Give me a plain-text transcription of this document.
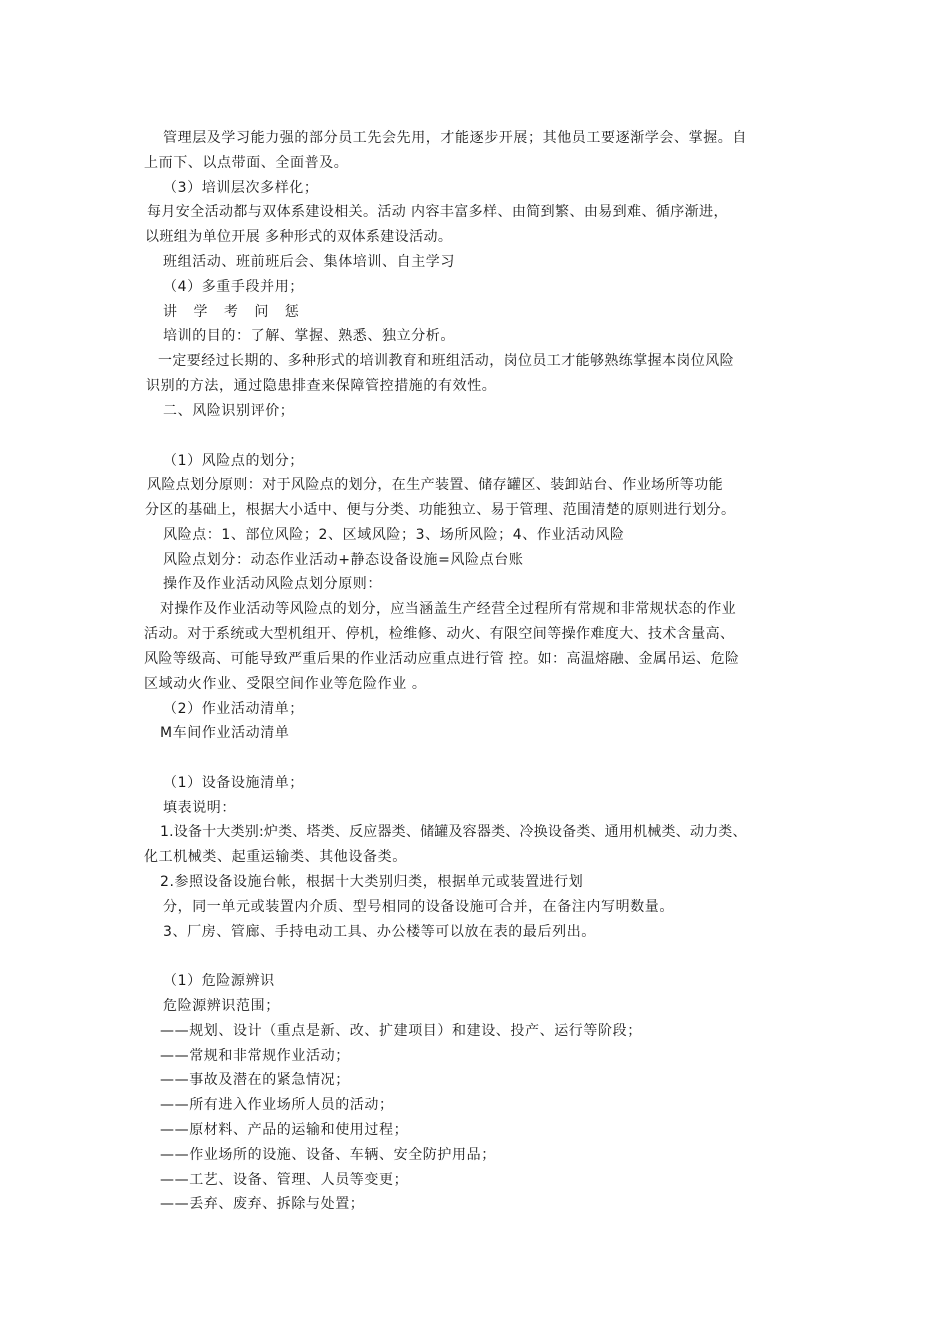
管理层及学习能力强的部分员工先会先用，才能逐步开展；其他员工要逐渐学会、掌握。自
上而下、以点带面、全面普及。
（3）培训层次多样化；
每月安全活动都与双体系建设相关。活动 内容丰富多样、由简到繁、由易到难、循序渐进，
以班组为单位开展 多种形式的双体系建设活动。
班组活动、班前班后会、集体培训、自主学习
（4）多重手段并用；
讲 学 考 问 惩
培训的目的：了解、掌握、熟悉、独立分析。
一定要经过长期的、多种形式的培训教育和班组活动，岗位员工才能够熟练掌握本岗位风险
识别的方法，通过隐患排查来保障管控措施的有效性。
二、风险识别评价；
（1）风险点的划分；
风险点划分原则：对于风险点的划分，在生产装置、储存罐区、装卸站台、作业场所等功能
分区的基础上，根据大小适中、便与分类、功能独立、易于管理、范围清楚的原则进行划分。
风险点：1、部位风险；2、区域风险；3、场所风险；4、作业活动风险
风险点划分：动态作业活动+静态设备设施=风险点台账
操作及作业活动风险点划分原则：
对操作及作业活动等风险点的划分，应当涵盖生产经营全过程所有常规和非常规状态的作业
活动。对于系统或大型机组开、停机，检维修、动火、有限空间等操作难度大、技术含量高、
风险等级高、可能导致严重后果的作业活动应重点进行管 控。如：高温熔融、金属吊运、危险
区域动火作业、受限空间作业等危险作业 。
（2）作业活动清单；
M车间作业活动清单
（1）设备设施清单；
填表说明：
1.设备十大类别:炉类、塔类、反应器类、储罐及容器类、冷换设备类、通用机械类、动力类、
化工机械类、起重运输类、其他设备类。
2.参照设备设施台帐，根据十大类别归类，根据单元或装置进行划
分，同一单元或装置内介质、型号相同的设备设施可合并，在备注内写明数量。
3、厂房、管廊、手持电动工具、办公楼等可以放在表的最后列出。
（1）危险源辨识
危险源辨识范围；
——规划、设计（重点是新、改、扩建项目）和建设、投产、运行等阶段；
——常规和非常规作业活动；
——事故及潜在的紧急情况；
——所有进入作业场所人员的活动；
——原材料、产品的运输和使用过程；
——作业场所的设施、设备、车辆、安全防护用品；
——工艺、设备、管理、人员等变更；
——丢弃、废弃、拆除与处置；
